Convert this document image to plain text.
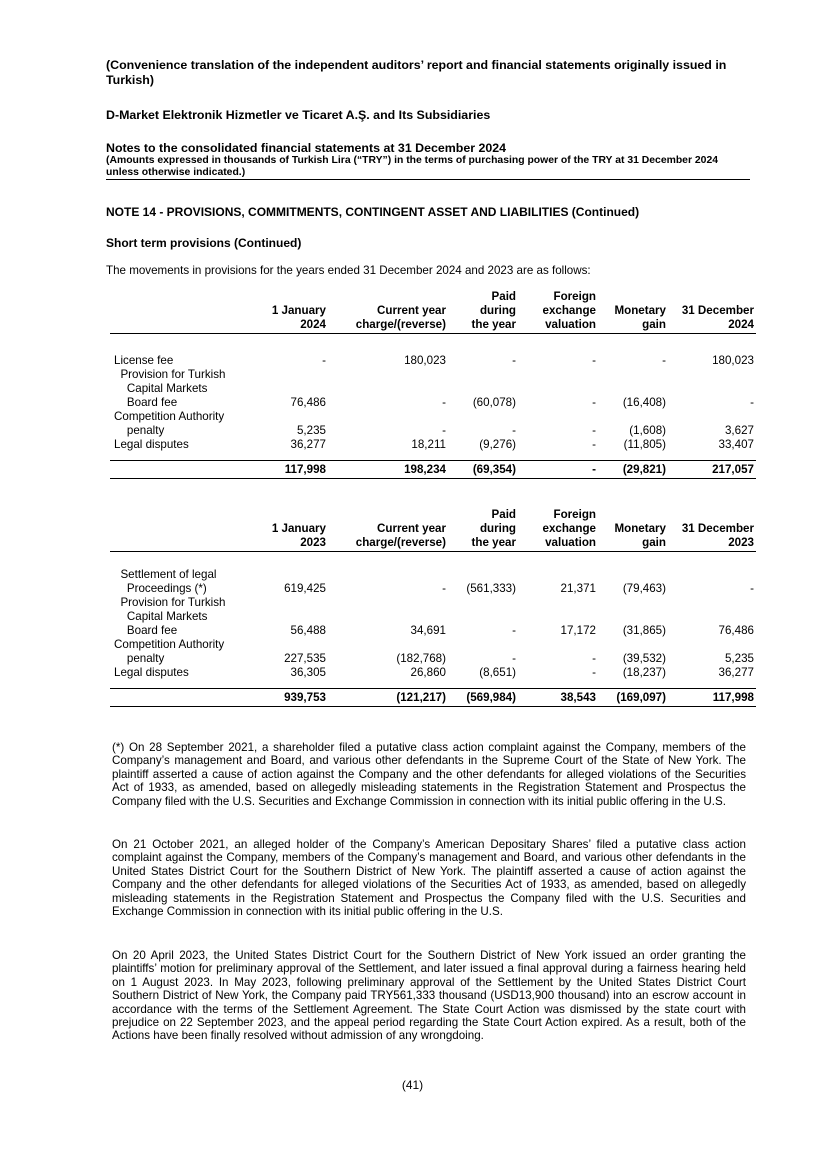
(Convenience translation of the independent auditors’ report and financial statements originally issued in Turkish)
D-Market Elektronik Hizmetler ve Ticaret A.Ş. and Its Subsidiaries
Notes to the consolidated financial statements at 31 December 2024
(Amounts expressed in thousands of Turkish Lira (“TRY”) in the terms of purchasing power of the TRY at 31 December 2024 unless otherwise indicated.)
NOTE 14 - PROVISIONS, COMMITMENTS, CONTINGENT ASSET AND LIABILITIES (Continued)
Short term provisions (Continued)
The movements in provisions for the years ended 31 December 2024 and 2023 are as follows:
			Paid	Foreign		
	1 January	Current year	during	exchange	Monetary	31 December
	2024	charge/(reverse)	the year	valuation	gain	2024

License fee	-	180,023	-	-	-	180,023
Provision for Turkish						
Capital Markets						
Board fee	76,486	-	(60,078)	-	(16,408)	-
Competition Authority						
penalty	5,235	-	-	-	(1,608)	3,627
Legal disputes	36,277	18,211	(9,276)	-	(11,805)	33,407

	117,998	198,234	(69,354)	-	(29,821)	217,057
			Paid	Foreign		
	1 January	Current year	during	exchange	Monetary	31 December
	2023	charge/(reverse)	the year	valuation	gain	2023

Settlement of legal						
Proceedings (*)	619,425	-	(561,333)	21,371	(79,463)	-
Provision for Turkish						
Capital Markets						
Board fee	56,488	34,691	-	17,172	(31,865)	76,486
Competition Authority						
penalty	227,535	(182,768)	-	-	(39,532)	5,235
Legal disputes	36,305	26,860	(8,651)	-	(18,237)	36,277

	939,753	(121,217)	(569,984)	38,543	(169,097)	117,998
(*) On 28 September 2021, a shareholder filed a putative class action complaint against the Company, members of the Company’s management and Board, and various other defendants in the Supreme Court of the State of New York. The plaintiff asserted a cause of action against the Company and the other defendants for alleged violations of the Securities Act of 1933, as amended, based on allegedly misleading statements in the Registration Statement and Prospectus the Company filed with the U.S. Securities and Exchange Commission in connection with its initial public offering in the U.S.
On 21 October 2021, an alleged holder of the Company’s American Depositary Shares’ filed a putative class action complaint against the Company, members of the Company’s management and Board, and various other defendants in the United States District Court for the Southern District of New York. The plaintiff asserted a cause of action against the Company and the other defendants for alleged violations of the Securities Act of 1933, as amended, based on allegedly misleading statements in the Registration Statement and Prospectus the Company filed with the U.S. Securities and Exchange Commission in connection with its initial public offering in the U.S.
On 20 April 2023, the United States District Court for the Southern District of New York issued an order granting the plaintiffs’ motion for preliminary approval of the Settlement, and later issued a final approval during a fairness hearing held on 1 August 2023. In May 2023, following preliminary approval of the Settlement by the United States District Court Southern District of New York, the Company paid TRY561,333 thousand (USD13,900 thousand) into an escrow account in accordance with the terms of the Settlement Agreement. The State Court Action was dismissed by the state court with prejudice on 22 September 2023, and the appeal period regarding the State Court Action expired. As a result, both of the Actions have been finally resolved without admission of any wrongdoing.
(41)
